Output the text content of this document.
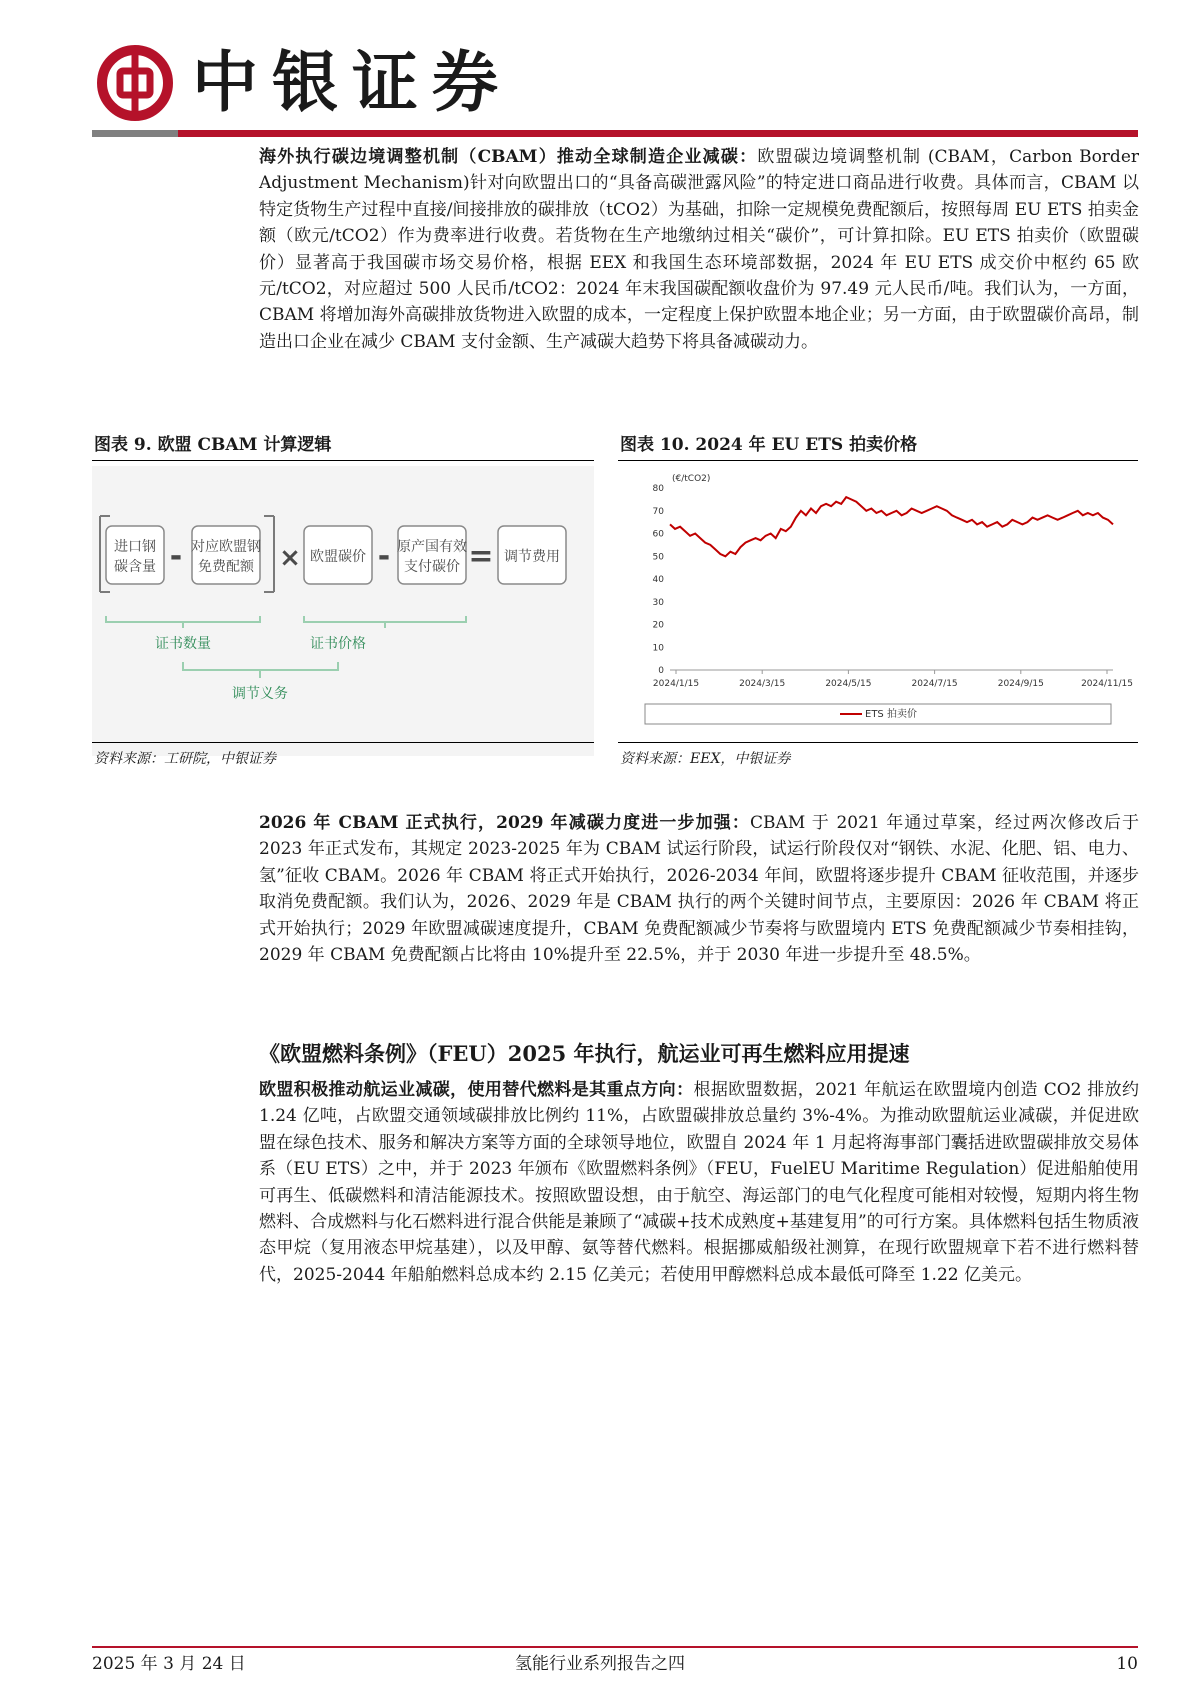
中银证券
海外执行碳边境调整机制（CBAM）推动全球制造企业减碳：欧盟碳边境调整机制 (CBAM，Carbon Border Adjustment Mechanism)针对向欧盟出口的“具备高碳泄露风险”的特定进口商品进行收费。具体而言，CBAM 以特定货物生产过程中直接/间接排放的碳排放（tCO2）为基础，扣除一定规模免费配额后，按照每周 EU ETS 拍卖金额（欧元/tCO2）作为费率进行收费。若货物在生产地缴纳过相关“碳价”，可计算扣除。EU ETS 拍卖价（欧盟碳价）显著高于我国碳市场交易价格，根据 EEX 和我国生态环境部数据，2024 年 EU ETS 成交价中枢约 65 欧元/tCO2，对应超过 500 人民币/tCO2：2024 年末我国碳配额收盘价为 97.49 元人民币/吨。我们认为，一方面，CBAM 将增加海外高碳排放货物进入欧盟的成本，一定程度上保护欧盟本地企业；另一方面，由于欧盟碳价高昂，制造出口企业在减少 CBAM 支付金额、生产减碳大趋势下将具备减碳动力。
图表 9. 欧盟 CBAM 计算逻辑
进口钢
碳含量 - 对应欧盟钢
免费配额 × 欧盟碳价 - 原产国有效
支付碳价 = 调节费用
证书数量	证书价格
调节义务
资料来源：工研院，中银证券
图表 10. 2024 年 EU ETS 拍卖价格
(€/tCO2)
0
10
20
30
40
50
60
70
80
2024/1/15	2024/3/15	2024/5/15	2024/7/15	2024/9/15	2024/11/15
ETS 拍卖价
资料来源：EEX，中银证券
2026 年 CBAM 正式执行，2029 年减碳力度进一步加强：CBAM 于 2021 年通过草案，经过两次修改后于 2023 年正式发布，其规定 2023-2025 年为 CBAM 试运行阶段，试运行阶段仅对“钢铁、水泥、化肥、铝、电力、氢”征收 CBAM。2026 年 CBAM 将正式开始执行，2026-2034 年间，欧盟将逐步提升 CBAM 征收范围，并逐步取消免费配额。我们认为，2026、2029 年是 CBAM 执行的两个关键时间节点，主要原因：2026 年 CBAM 将正式开始执行；2029 年欧盟减碳速度提升，CBAM 免费配额减少节奏将与欧盟境内 ETS 免费配额减少节奏相挂钩，2029 年 CBAM 免费配额占比将由 10%提升至 22.5%，并于 2030 年进一步提升至 48.5%。
《欧盟燃料条例》（FEU）2025 年执行，航运业可再生燃料应用提速
欧盟积极推动航运业减碳，使用替代燃料是其重点方向：根据欧盟数据，2021 年航运在欧盟境内创造 CO2 排放约 1.24 亿吨，占欧盟交通领域碳排放比例约 11%，占欧盟碳排放总量约 3%-4%。为推动欧盟航运业减碳，并促进欧盟在绿色技术、服务和解决方案等方面的全球领导地位，欧盟自 2024 年 1 月起将海事部门囊括进欧盟碳排放交易体系（EU ETS）之中，并于 2023 年颁布《欧盟燃料条例》（FEU，FuelEU Maritime Regulation）促进船舶使用可再生、低碳燃料和清洁能源技术。按照欧盟设想，由于航空、海运部门的电气化程度可能相对较慢，短期内将生物燃料、合成燃料与化石燃料进行混合供能是兼顾了“减碳+技术成熟度+基建复用”的可行方案。具体燃料包括生物质液态甲烷（复用液态甲烷基建），以及甲醇、氨等替代燃料。根据挪威船级社测算，在现行欧盟规章下若不进行燃料替代，2025-2044 年船舶燃料总成本约 2.15 亿美元；若使用甲醇燃料总成本最低可降至 1.22 亿美元。
2025 年 3 月 24 日	氢能行业系列报告之四	10
